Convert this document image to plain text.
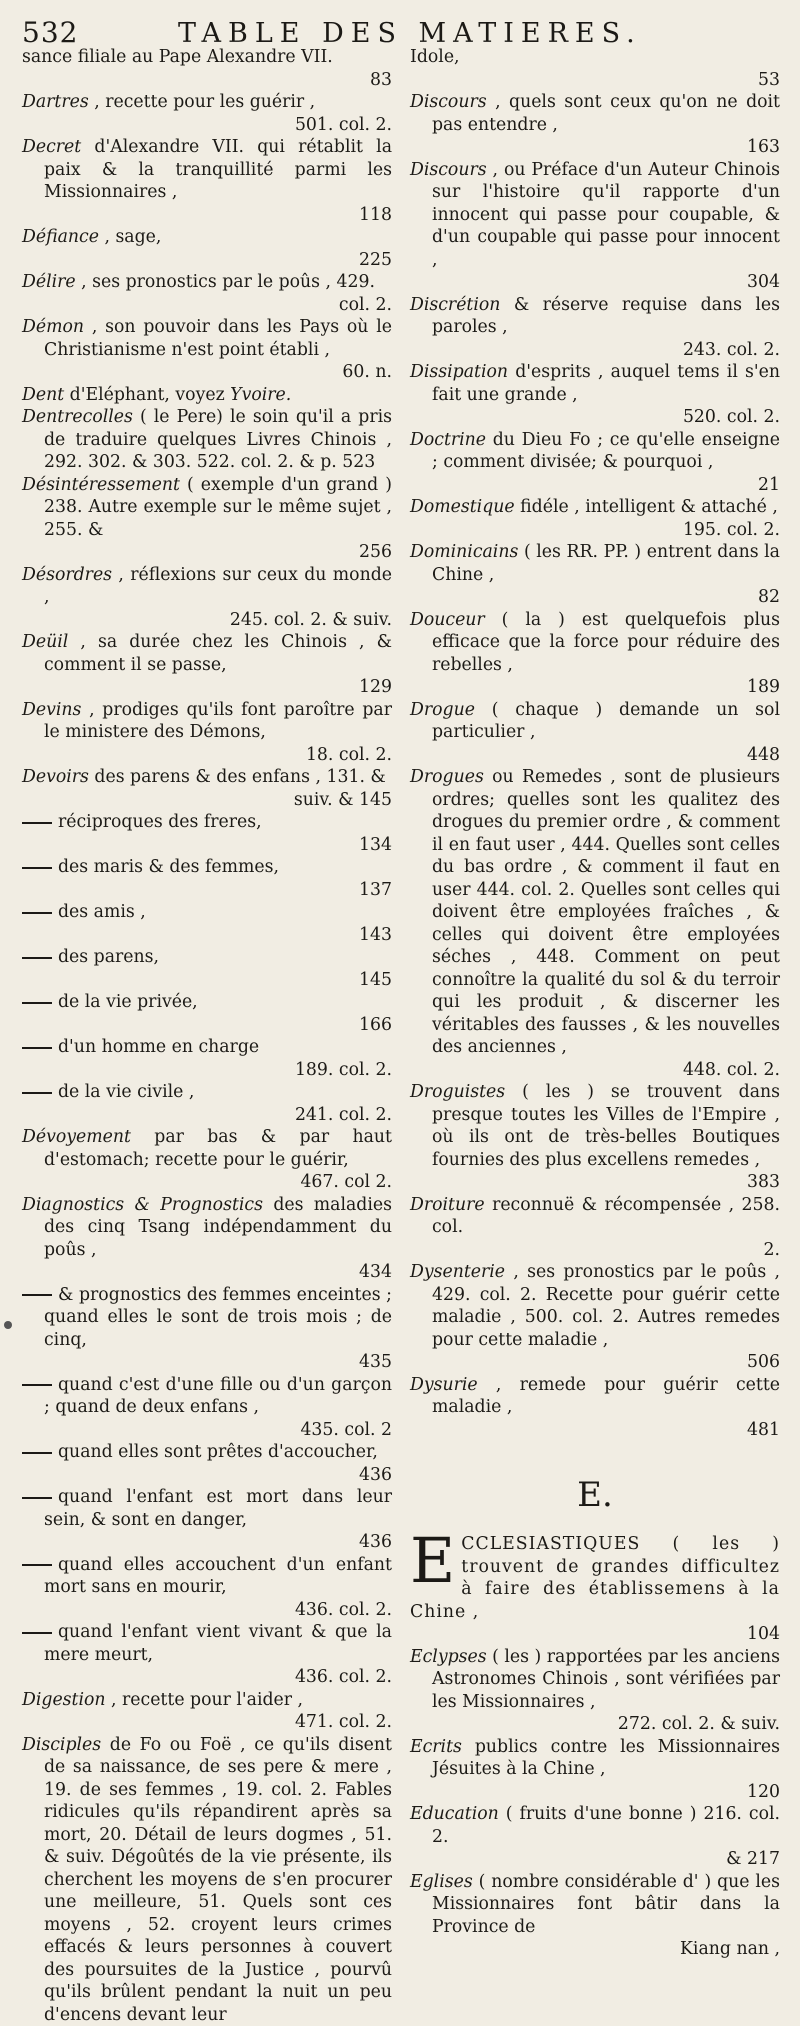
532	TABLE DES MATIERES.

sance filiale au Pape Alexandre VII.
83

Dartres , recette pour les guérir ,
501. col. 2.

Decret d'Alexandre VII. qui rétablit la paix & la tranquillité parmi les Missionnaires ,
118

Défiance , sage,
225

Délire , ses pronostics par le poûs , 429.
col. 2.

Démon , son pouvoir dans les Pays où le Christianisme n'est point établi ,
60. n.

Dent d'Eléphant, voyez Yvoire.

Dentrecolles ( le Pere) le soin qu'il a pris de traduire quelques Livres Chinois , 292. 302. & 303. 522. col. 2. & p. 523

Désintéressement ( exemple d'un grand ) 238. Autre exemple sur le même sujet , 255. &
256

Désordres , réflexions sur ceux du monde ,
245. col. 2. & suiv.

Deüil , sa durée chez les Chinois , & comment il se passe,
129

Devins , prodiges qu'ils font paroître par le ministere des Démons,
18. col. 2.

Devoirs des parens & des enfans , 131. &
suiv. & 145

réciproques des freres,
134

des maris & des femmes,
137

des amis ,
143

des parens,
145

de la vie privée,
166

d'un homme en charge
189. col. 2.

de la vie civile ,
241. col. 2.

Dévoyement par bas & par haut d'estomach; recette pour le guérir,
467. col 2.

Diagnostics & Prognostics des maladies des cinq Tsang indépendamment du poûs ,
434

& prognostics des femmes enceintes ; quand elles le sont de trois mois ; de cinq,
435

quand c'est d'une fille ou d'un garçon ; quand de deux enfans ,
435. col. 2

quand elles sont prêtes d'accoucher,
436

quand l'enfant est mort dans leur sein, & sont en danger,
436

quand elles accouchent d'un enfant mort sans en mourir,
436. col. 2.

quand l'enfant vient vivant & que la mere meurt,
436. col. 2.

Digestion , recette pour l'aider ,
471. col. 2.

Disciples de Fo ou Foë , ce qu'ils disent de sa naissance, de ses pere & mere , 19. de ses femmes , 19. col. 2. Fables ridicules qu'ils répandirent après sa mort, 20. Détail de leurs dogmes , 51. & suiv. Dégoûtés de la vie présente, ils cherchent les moyens de s'en procurer une meilleure, 51. Quels sont ces moyens , 52. croyent leurs crimes effacés & leurs personnes à couvert des poursuites de la Justice , pourvû qu'ils brûlent pendant la nuit un peu d'encens devant leur

Idole,
53

Discours , quels sont ceux qu'on ne doit pas entendre ,
163

Discours , ou Préface d'un Auteur Chinois sur l'histoire qu'il rapporte d'un innocent qui passe pour coupable, & d'un coupable qui passe pour innocent ,
304

Discrétion & réserve requise dans les paroles ,
243. col. 2.

Dissipation d'esprits , auquel tems il s'en fait une grande ,
520. col. 2.

Doctrine du Dieu Fo ; ce qu'elle enseigne ; comment divisée; & pourquoi ,
21

Domestique fidéle , intelligent & attaché ,
195. col. 2.

Dominicains ( les RR. PP. ) entrent dans la Chine ,
82

Douceur ( la ) est quelquefois plus efficace que la force pour réduire des rebelles ,
189

Drogue ( chaque ) demande un sol particulier ,
448

Drogues ou Remedes , sont de plusieurs ordres; quelles sont les qualitez des drogues du premier ordre , & comment il en faut user , 444. Quelles sont celles du bas ordre , & comment il faut en user 444. col. 2. Quelles sont celles qui doivent être employées fraîches , & celles qui doivent être employées séches , 448. Comment on peut connoître la qualité du sol & du terroir qui les produit , & discerner les véritables des fausses , & les nouvelles des anciennes ,
448. col. 2.

Droguistes ( les ) se trouvent dans presque toutes les Villes de l'Empire , où ils ont de très-belles Boutiques fournies des plus excellens remedes ,
383

Droiture reconnuë & récompensée , 258. col.
2.

Dysenterie , ses pronostics par le poûs , 429. col. 2. Recette pour guérir cette maladie , 500. col. 2. Autres remedes pour cette maladie ,
506

Dysurie , remede pour guérir cette maladie ,
481

E.

ECCLESIASTIQUES ( les ) trouvent de grandes difficultez à faire des établissemens à la Chine ,
104

Eclypses ( les ) rapportées par les anciens Astronomes Chinois , sont vérifiées par les Missionnaires ,
272. col. 2. & suiv.

Ecrits publics contre les Missionnaires Jésuites à la Chine ,
120

Education ( fruits d'une bonne ) 216. col. 2.
& 217

Eglises ( nombre considérable d' ) que les Missionnaires font bâtir dans la Province de
Kiang nan ,
